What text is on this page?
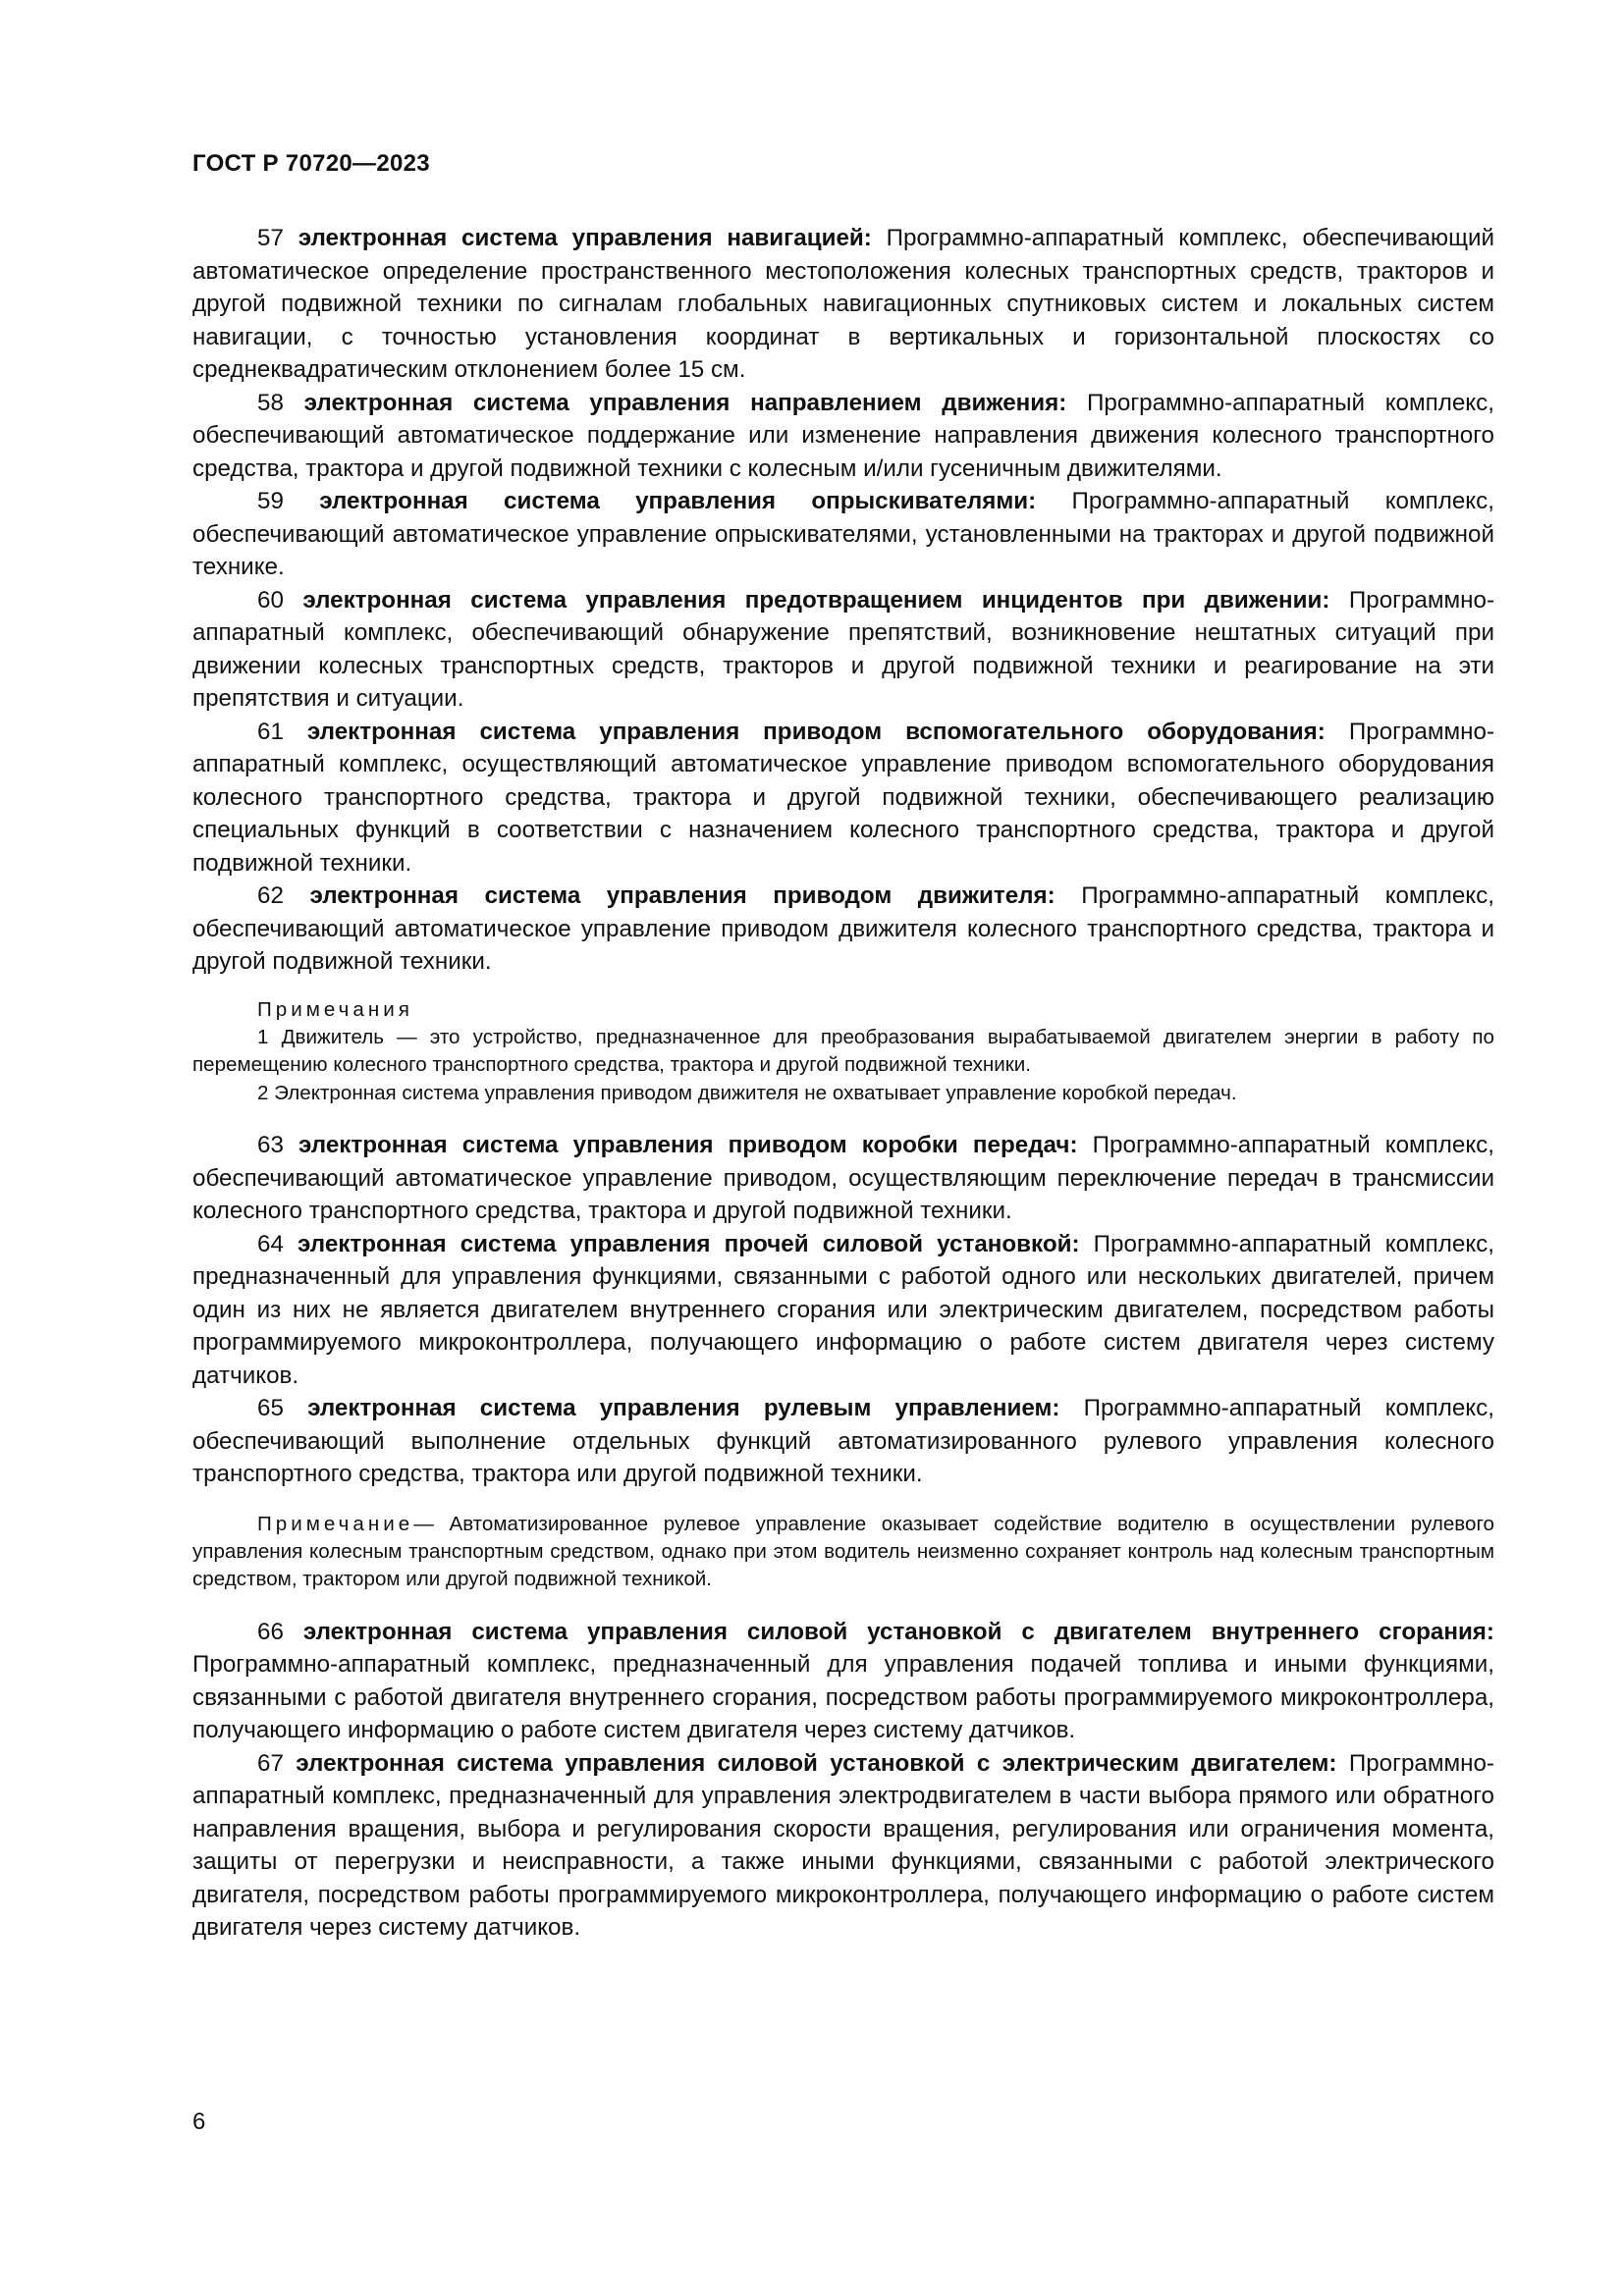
ГОСТ Р 70720—2023

57 электронная система управления навигацией: Программно-аппаратный комплекс, обеспечивающий автоматическое определение пространственного местоположения колесных транспортных средств, тракторов и другой подвижной техники по сигналам глобальных навигационных спутниковых систем и локальных систем навигации, с точностью установления координат в вертикальных и горизонтальной плоскостях со среднеквадратическим отклонением более 15 см.

58 электронная система управления направлением движения: Программно-аппаратный комплекс, обеспечивающий автоматическое поддержание или изменение направления движения колесного транспортного средства, трактора и другой подвижной техники с колесным и/или гусеничным движителями.

59 электронная система управления опрыскивателями: Программно-аппаратный комплекс, обеспечивающий автоматическое управление опрыскивателями, установленными на тракторах и другой подвижной технике.

60 электронная система управления предотвращением инцидентов при движении: Программно-аппаратный комплекс, обеспечивающий обнаружение препятствий, возникновение нештатных ситуаций при движении колесных транспортных средств, тракторов и другой подвижной техники и реагирование на эти препятствия и ситуации.

61 электронная система управления приводом вспомогательного оборудования: Программно-аппаратный комплекс, осуществляющий автоматическое управление приводом вспомогательного оборудования колесного транспортного средства, трактора и другой подвижной техники, обеспечивающего реализацию специальных функций в соответствии с назначением колесного транспортного средства, трактора и другой подвижной техники.

62 электронная система управления приводом движителя: Программно-аппаратный комплекс, обеспечивающий автоматическое управление приводом движителя колесного транспортного средства, трактора и другой подвижной техники.

Примечания

1 Движитель — это устройство, предназначенное для преобразования вырабатываемой двигателем энергии в работу по перемещению колесного транспортного средства, трактора и другой подвижной техники.

2 Электронная система управления приводом движителя не охватывает управление коробкой передач.

63 электронная система управления приводом коробки передач: Программно-аппаратный комплекс, обеспечивающий автоматическое управление приводом, осуществляющим переключение передач в трансмиссии колесного транспортного средства, трактора и другой подвижной техники.

64 электронная система управления прочей силовой установкой: Программно-аппаратный комплекс, предназначенный для управления функциями, связанными с работой одного или нескольких двигателей, причем один из них не является двигателем внутреннего сгорания или электрическим двигателем, посредством работы программируемого микроконтроллера, получающего информацию о работе систем двигателя через систему датчиков.

65 электронная система управления рулевым управлением: Программно-аппаратный комплекс, обеспечивающий выполнение отдельных функций автоматизированного рулевого управления колесного транспортного средства, трактора или другой подвижной техники.

Примечание— Автоматизированное рулевое управление оказывает содействие водителю в осуществлении рулевого управления колесным транспортным средством, однако при этом водитель неизменно сохраняет контроль над колесным транспортным средством, трактором или другой подвижной техникой.

66 электронная система управления силовой установкой с двигателем внутреннего сгорания: Программно-аппаратный комплекс, предназначенный для управления подачей топлива и иными функциями, связанными с работой двигателя внутреннего сгорания, посредством работы программируемого микроконтроллера, получающего информацию о работе систем двигателя через систему датчиков.

67 электронная система управления силовой установкой с электрическим двигателем: Программно-аппаратный комплекс, предназначенный для управления электродвигателем в части выбора прямого или обратного направления вращения, выбора и регулирования скорости вращения, регулирования или ограничения момента, защиты от перегрузки и неисправности, а также иными функциями, связанными с работой электрического двигателя, посредством работы программируемого микроконтроллера, получающего информацию о работе систем двигателя через систему датчиков.

6
